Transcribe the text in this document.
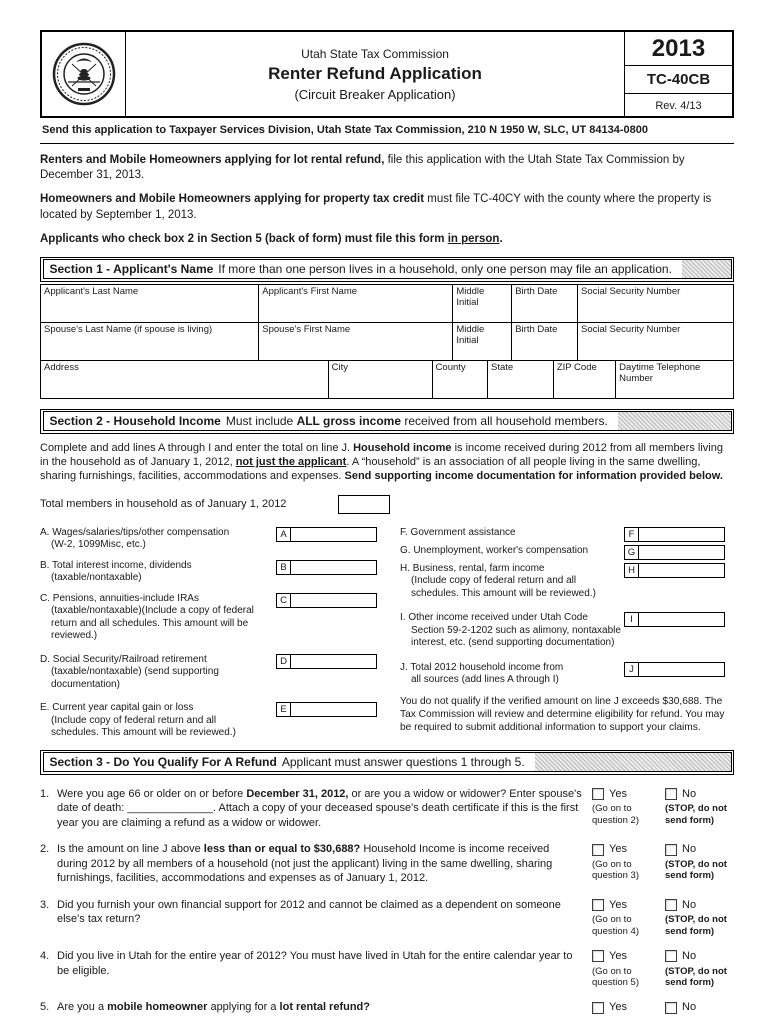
Utah State Tax Commission
Renter Refund Application
(Circuit Breaker Application)
2013
TC-40CB
Rev. 4/13
Send this application to Taxpayer Services Division, Utah State Tax Commission, 210 N 1950 W, SLC, UT 84134-0800

Renters and Mobile Homeowners applying for lot rental refund, file this application with the Utah State Tax Commission by December 31, 2013.

Homeowners and Mobile Homeowners applying for property tax credit must file TC-40CY with the county where the property is located by September 1, 2013.

Applicants who check box 2 in Section 5 (back of form) must file this form in person.

Section 1 - Applicant's Name If more than one person lives in a household, only one person may file an application.
Applicant's Last Name	Applicant's First Name	Middle Initial	Birth Date	Social Security Number
Spouse's Last Name (if spouse is living)	Spouse's First Name	Middle Initial	Birth Date	Social Security Number
Address	City	County	State	ZIP Code	Daytime Telephone Number
Section 2 - Household Income Must include ALL gross income received from all household members.

Complete and add lines A through I and enter the total on line J. Household income is income received during 2012 from all members living in the household as of January 1, 2012, not just the applicant. A “household” is an association of all people living in the same dwelling, sharing furnishings, facilities, accommodations and expenses. Send supporting income documentation for information provided below.

Total members in household as of January 1, 2012
A. Wages/salaries/tips/other compensation
(W-2, 1099Misc, etc.)
A
B. Total interest income, dividends
(taxable/nontaxable)
B
C. Pensions, annuities-include IRAs
(taxable/nontaxable)(Include a copy of federal
return and all schedules. This amount will be reviewed.)
C
D. Social Security/Railroad retirement
(taxable/nontaxable) (send supporting
documentation)
D
E. Current year capital gain or loss
(Include copy of federal return and all
schedules. This amount will be reviewed.)
E
F. Government assistance	F
G. Unemployment, worker's compensation	G
H. Business, rental, farm income
(Include copy of federal return and all
schedules. This amount will be reviewed.)
H
I. Other income received under Utah Code
Section 59-2-1202 such as alimony, nontaxable
interest, etc. (send supporting documentation)
I
J. Total 2012 household income from
all sources (add lines A through I)
J

You do not qualify if the verified amount on line J exceeds $30,688. The Tax Commission will review and determine eligibility for refund. You may be required to submit additional information to support your claims.

Section 3 - Do You Qualify For A Refund Applicant must answer questions 1 through 5.
1. Were you age 66 or older on or before December 31, 2012, or are you a widow or widower? Enter spouse's date of death: ______________. Attach a copy of your deceased spouse's death certificate if this is the first year you are claiming a refund as a widow or widower.
Yes
(Go on to question 2)
No
(STOP, do not send form)
2. Is the amount on line J above less than or equal to $30,688? Household Income is income received during 2012 by all members of a household (not just the applicant) living in the same dwelling, sharing furnishings, facilities, accommodations and expenses as of January 1, 2012.
Yes
(Go on to question 3)
No
(STOP, do not send form)
3. Did you furnish your own financial support for 2012 and cannot be claimed as a dependent on someone else's tax return?
Yes
(Go on to question 4)
No
(STOP, do not send form)
4. Did you live in Utah for the entire year of 2012? You must have lived in Utah for the entire calendar year to be eligible.
Yes
(Go on to question 5)
No
(STOP, do not send form)
5. Are you a mobile homeowner applying for a lot rental refund?	Yes	No
